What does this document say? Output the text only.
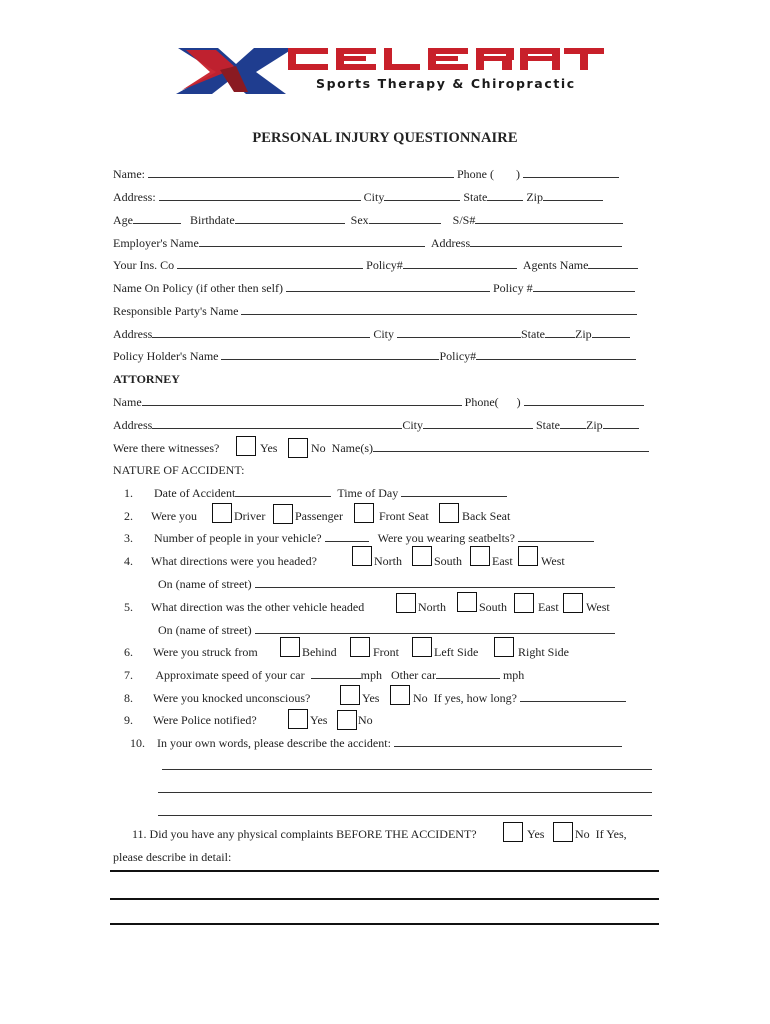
Sports Therapy & Chiropractic
PERSONAL INJURY QUESTIONNAIRE
Name:	Phone ( )
Address:	City	State	Zip
Age	Birthdate	Sex	S/S#
Employer's Name	Address
Your Ins. Co	Policy#	Agents Name
Name On Policy (if other then self)	Policy #
Responsible Party's Name
Address	City	State	Zip
Policy Holder's Name	Policy#
ATTORNEY
Name	Phone( )
Address	City	State Zip
Were there witnesses?	Yes	No Name(s)
NATURE OF ACCIDENT:
1. Date of Accident	Time of Day
2. Were you	Driver Passenger	Front Seat	Back Seat
3. Number of people in your vehicle?	Were you wearing seatbelts?
4. What directions were you headed?	North	South East West
On (name of street)
5. What direction was the other vehicle headed	North	South	East West
On (name of street)
6. Were you struck from	Behind	Front	Left Side	Right Side
7. Approximate speed of your car	mph Other car	mph
8. Were you knocked unconscious?	Yes	No If yes, how long?
9. Were Police notified?	Yes	No
10. In your own words, please describe the accident:
11. Did you have any physical complaints BEFORE THE ACCIDENT?	Yes	No If Yes,
please describe in detail:
